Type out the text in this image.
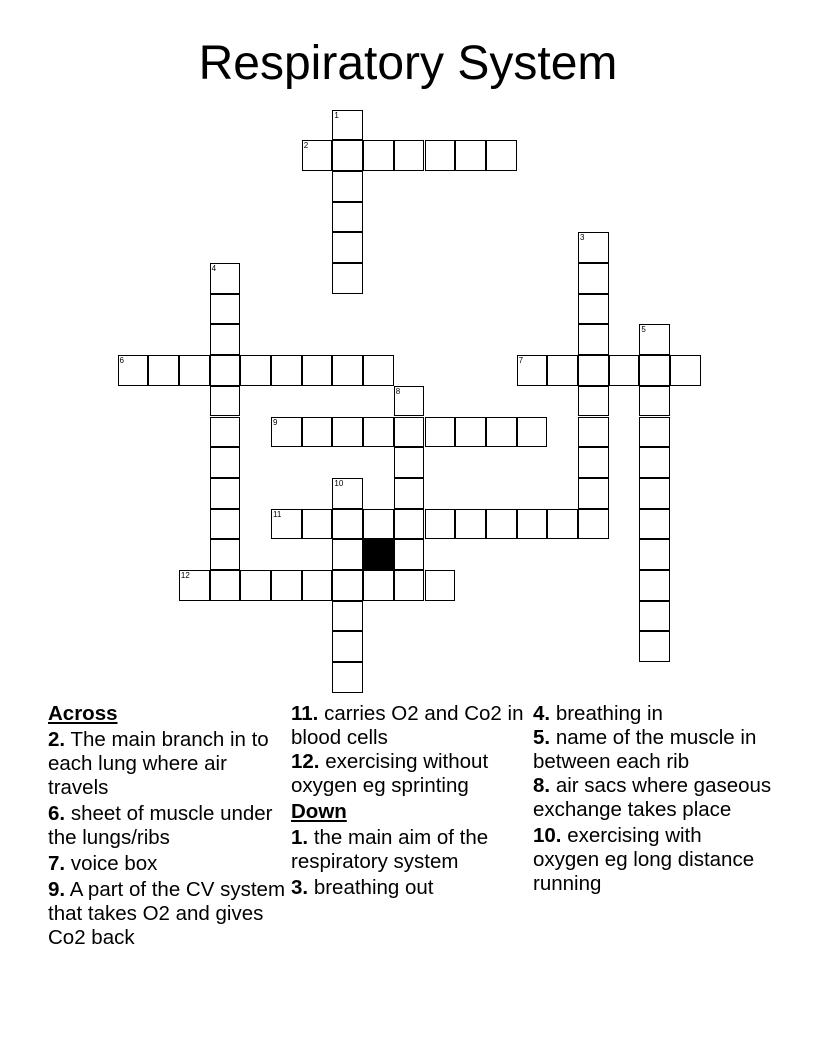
Respiratory System
1
2
3
4
5
6	7
8
9
10
11
12
Across
2. The main branch in to each lung where air travels
6. sheet of muscle under the lungs/ribs
7. voice box
9. A part of the CV system that takes O2 and gives Co2 back
11. carries O2 and Co2 in blood cells
12. exercising without oxygen eg sprinting
Down
1. the main aim of the respiratory system
3. breathing out
4. breathing in
5. name of the muscle in between each rib
8. air sacs where gaseous exchange takes place
10. exercising with oxygen eg long distance running
